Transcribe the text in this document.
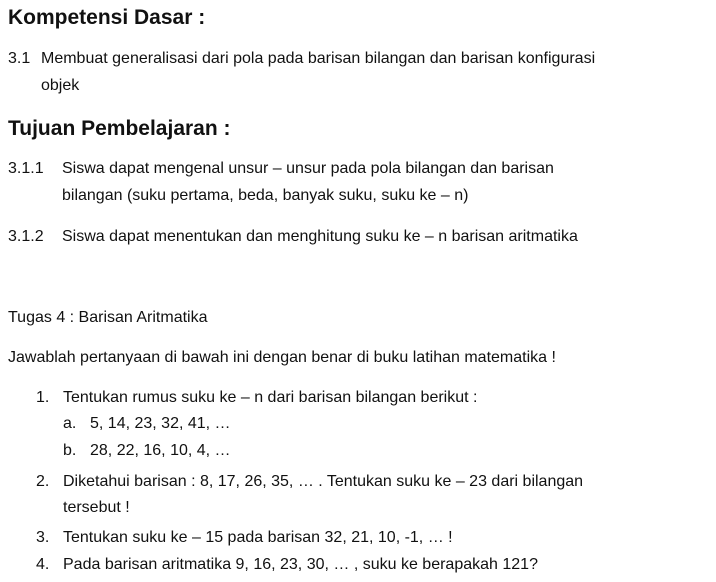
Kompetensi Dasar :
3.1 Membuat generalisasi dari pola pada barisan bilangan dan barisan konfigurasi
objek
Tujuan Pembelajaran :
3.1.1 Siswa dapat mengenal unsur – unsur pada pola bilangan dan barisan
bilangan (suku pertama, beda, banyak suku, suku ke – n)
3.1.2 Siswa dapat menentukan dan menghitung suku ke – n barisan aritmatika
Tugas 4 : Barisan Aritmatika
Jawablah pertanyaan di bawah ini dengan benar di buku latihan matematika !
1. Tentukan rumus suku ke – n dari barisan bilangan berikut :
a. 5, 14, 23, 32, 41, …
b. 28, 22, 16, 10, 4, …
2. Diketahui barisan : 8, 17, 26, 35, … . Tentukan suku ke – 23 dari bilangan
tersebut !
3. Tentukan suku ke – 15 pada barisan 32, 21, 10, -1, … !
4. Pada barisan aritmatika 9, 16, 23, 30, … , suku ke berapakah 121?
